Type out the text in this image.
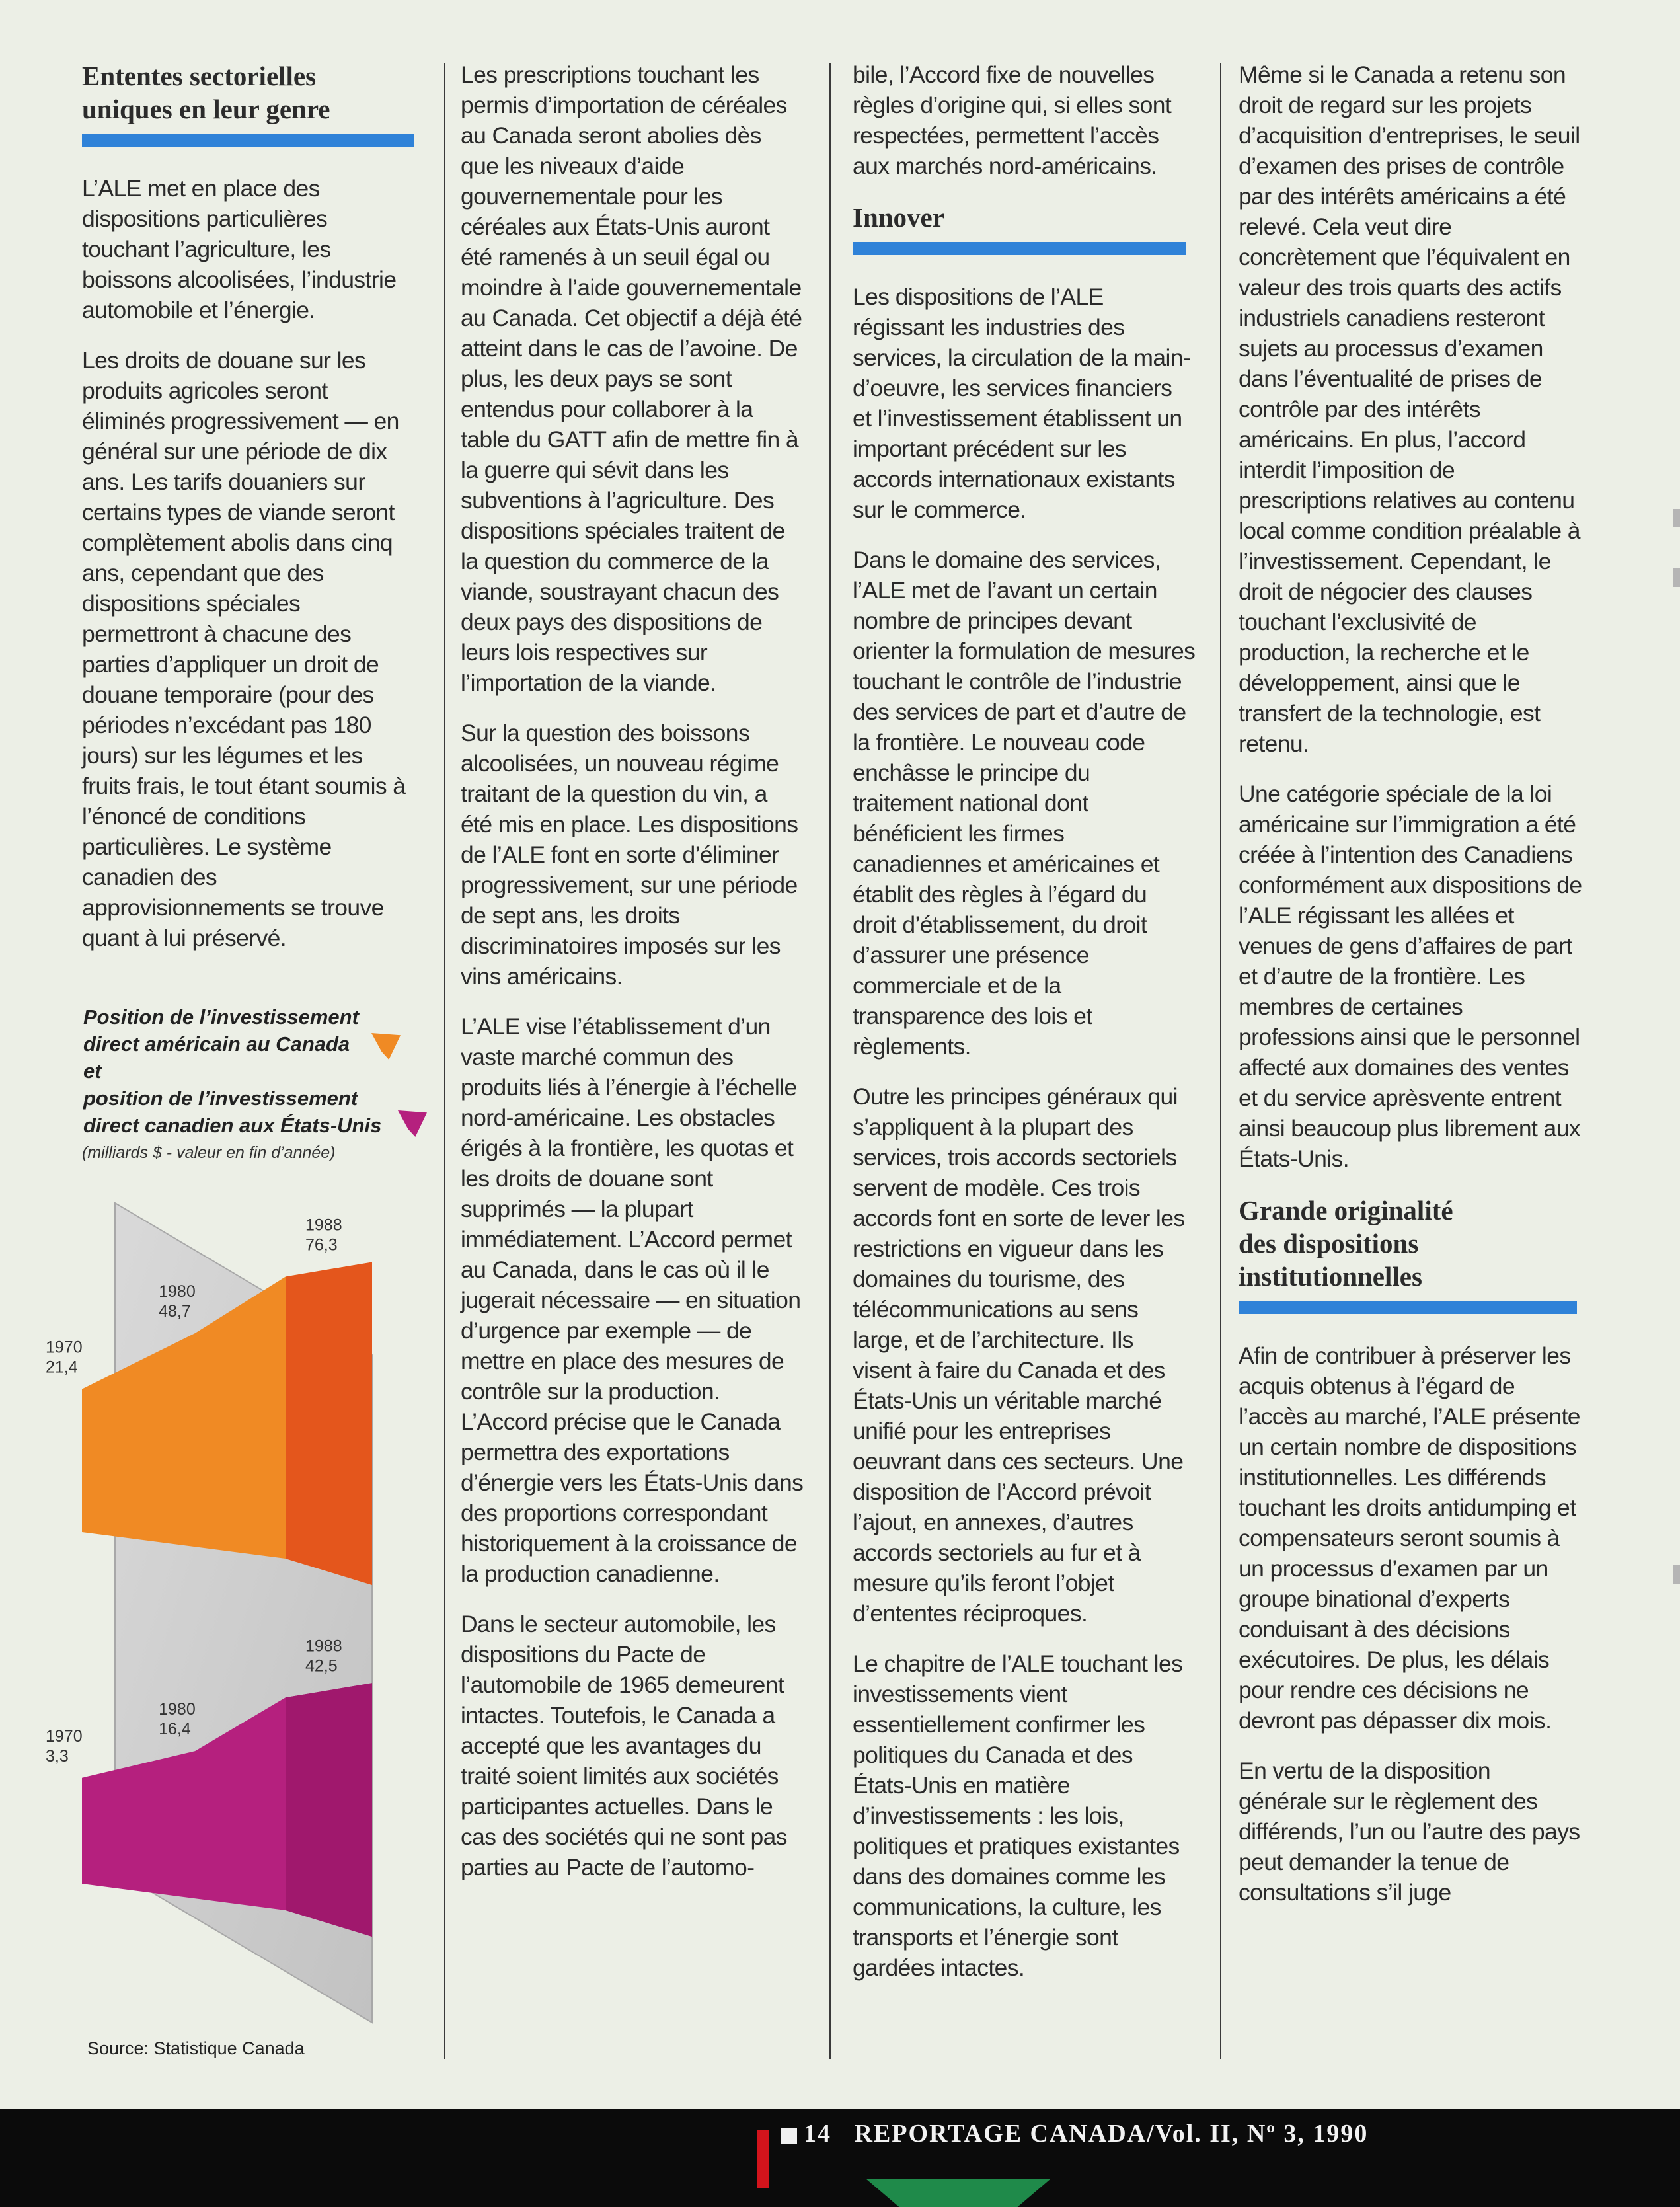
Ententes sectorielles
uniques en leur genre

L’ALE met en place des dispositions particulières touchant l’agriculture, les boissons alcoolisées, l’industrie automobile et l’énergie.

Les droits de douane sur les produits agricoles seront éliminés progressivement — en général sur une période de dix ans. Les tarifs douaniers sur certains types de viande seront complètement abolis dans cinq ans, cependant que des dispositions spéciales permettront à chacune des parties d’appliquer un droit de douane temporaire (pour des périodes n’excédant pas 180 jours) sur les légumes et les fruits frais, le tout étant soumis à l’énoncé de conditions particulières. Le système canadien des approvisionnements se trouve quant à lui préservé.

Les prescriptions touchant les permis d’importation de céréales au Canada seront abolies dès que les niveaux d’aide gouvernementale pour les céréales aux États-Unis auront été ramenés à un seuil égal ou moindre à l’aide gouvernementale au Canada. Cet objectif a déjà été atteint dans le cas de l’avoine. De plus, les deux pays se sont entendus pour collaborer à la table du GATT afin de mettre fin à la guerre qui sévit dans les subventions à l’agriculture. Des dispositions spéciales traitent de la question du commerce de la viande, soustrayant chacun des deux pays des dispositions de leurs lois respectives sur l’importation de la viande.

Sur la question des boissons alcoolisées, un nouveau régime traitant de la question du vin, a été mis en place. Les dispositions de l’ALE font en sorte d’éliminer progressivement, sur une période de sept ans, les droits discriminatoires imposés sur les vins américains.

L’ALE vise l’établissement d’un vaste marché commun des produits liés à l’énergie à l’échelle nord-américaine. Les obstacles érigés à la frontière, les quotas et les droits de douane sont supprimés — la plupart immédiatement. L’Accord permet au Canada, dans le cas où il le jugerait nécessaire — en situation d’urgence par exemple — de mettre en place des mesures de contrôle sur la production. L’Accord précise que le Canada permettra des exportations d’énergie vers les États-Unis dans des proportions correspondant historiquement à la croissance de la production canadienne.

Dans le secteur automobile, les dispositions du Pacte de l’automobile de 1965 demeurent intactes. Toutefois, le Canada a accepté que les avantages du traité soient limités aux sociétés participantes actuelles. Dans le cas des sociétés qui ne sont pas parties au Pacte de l’automo-

bile, l’Accord fixe de nouvelles règles d’origine qui, si elles sont respectées, permettent l’accès aux marchés nord-américains.

Innover

Les dispositions de l’ALE régissant les industries des services, la circulation de la main-d’oeuvre, les services financiers et l’investissement établissent un important précédent sur les accords internationaux existants sur le commerce.

Dans le domaine des services, l’ALE met de l’avant un certain nombre de principes devant orienter la formulation de mesures touchant le contrôle de l’industrie des services de part et d’autre de la frontière. Le nouveau code enchâsse le principe du traitement national dont bénéficient les firmes canadiennes et américaines et établit des règles à l’égard du droit d’établissement, du droit d’assurer une présence commerciale et de la transparence des lois et règlements.

Outre les principes généraux qui s’appliquent à la plupart des services, trois accords sectoriels servent de modèle. Ces trois accords font en sorte de lever les restrictions en vigueur dans les domaines du tourisme, des télécommunications au sens large, et de l’architecture. Ils visent à faire du Canada et des États-Unis un véritable marché unifié pour les entreprises oeuvrant dans ces secteurs. Une disposition de l’Accord prévoit l’ajout, en annexes, d’autres accords sectoriels au fur et à mesure qu’ils feront l’objet d’ententes réciproques.

Le chapitre de l’ALE touchant les investissements vient essentiellement confirmer les politiques du Canada et des États-Unis en matière d’investissements : les lois, politiques et pratiques existantes dans des domaines comme les communications, la culture, les transports et l’énergie sont gardées intactes.

Même si le Canada a retenu son droit de regard sur les projets d’acquisition d’entreprises, le seuil d’examen des prises de contrôle par des intérêts américains a été relevé. Cela veut dire concrètement que l’équivalent en valeur des trois quarts des actifs industriels canadiens resteront sujets au processus d’examen dans l’éventualité de prises de contrôle par des intérêts américains. En plus, l’accord interdit l’imposition de prescriptions relatives au contenu local comme condition préalable à l’investissement. Cependant, le droit de négocier des clauses touchant l’exclusivité de production, la recherche et le développement, ainsi que le transfert de la technologie, est retenu.

Une catégorie spéciale de la loi américaine sur l’immigration a été créée à l’intention des Canadiens conformément aux dispositions de l’ALE régissant les allées et venues de gens d’affaires de part et d’autre de la frontière. Les membres de certaines professions ainsi que le personnel affecté aux domaines des ventes et du service aprèsvente entrent ainsi beaucoup plus librement aux États-Unis.

Grande originalité
des dispositions
institutionnelles

Afin de contribuer à préserver les acquis obtenus à l’égard de l’accès au marché, l’ALE présente un certain nombre de dispositions institutionnelles. Les différends touchant les droits antidumping et compensateurs seront soumis à un processus d’examen par un groupe binational d’experts conduisant à des décisions exécutoires. De plus, les délais pour rendre ces décisions ne devront pas dépasser dix mois.

En vertu de la disposition générale sur le règlement des différends, l’un ou l’autre des pays peut demander la tenue de consultations s’il juge

Position de l’investissement
direct américain au Canada
et
position de l’investissement
direct canadien aux États-Unis
(milliards $ - valeur en fin d’année)
1970
21,4
1980
48,7
1988
76,3
1970
3,3
1980
16,4
1988
42,5
Source: Statistique Canada
14 REPORTAGE CANADA/Vol. II, Nº 3, 1990
